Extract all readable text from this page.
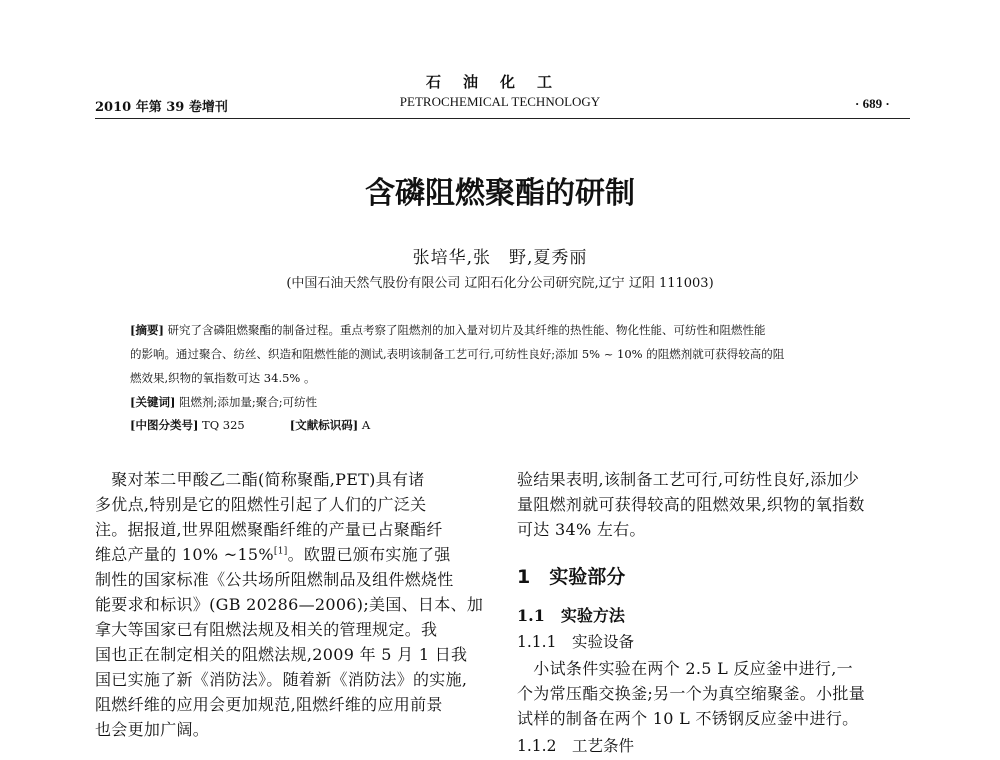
石油化工
2010 年第 39 卷增刊	PETROCHEMICAL TECHNOLOGY	· 689 ·
含磷阻燃聚酯的研制
张培华,张　野,夏秀丽
(中国石油天然气股份有限公司 辽阳石化分公司研究院,辽宁 辽阳 111003)
[摘要] 研究了含磷阻燃聚酯的制备过程。重点考察了阻燃剂的加入量对切片及其纤维的热性能、物化性能、可纺性和阻燃性能
的影响。通过聚合、纺丝、织造和阻燃性能的测试,表明该制备工艺可行,可纺性良好;添加 5% ~ 10% 的阻燃剂就可获得较高的阻
燃效果,织物的氧指数可达 34.5% 。
[关键词] 阻燃剂;添加量;聚合;可纺性
[中图分类号] TQ 325	[文献标识码] A
　聚对苯二甲酸乙二酯(简称聚酯,PET)具有诸
多优点,特别是它的阻燃性引起了人们的广泛关
注。据报道,世界阻燃聚酯纤维的产量已占聚酯纤
维总产量的 10% ~15%[1]。欧盟已颁布实施了强
制性的国家标准《公共场所阻燃制品及组件燃烧性
能要求和标识》(GB 20286—2006);美国、日本、加
拿大等国家已有阻燃法规及相关的管理规定。我
国也正在制定相关的阻燃法规,2009 年 5 月 1 日我
国已实施了新《消防法》。随着新《消防法》的实施,
阻燃纤维的应用会更加规范,阻燃纤维的应用前景
也会更加广阔。
验结果表明,该制备工艺可行,可纺性良好,添加少
量阻燃剂就可获得较高的阻燃效果,织物的氧指数
可达 34% 左右。
1　实验部分
1.1　实验方法
1.1.1　实验设备
　小试条件实验在两个 2.5 L 反应釜中进行,一
个为常压酯交换釜;另一个为真空缩聚釜。小批量
试样的制备在两个 10 L 不锈钢反应釜中进行。
1.1.2　工艺条件
